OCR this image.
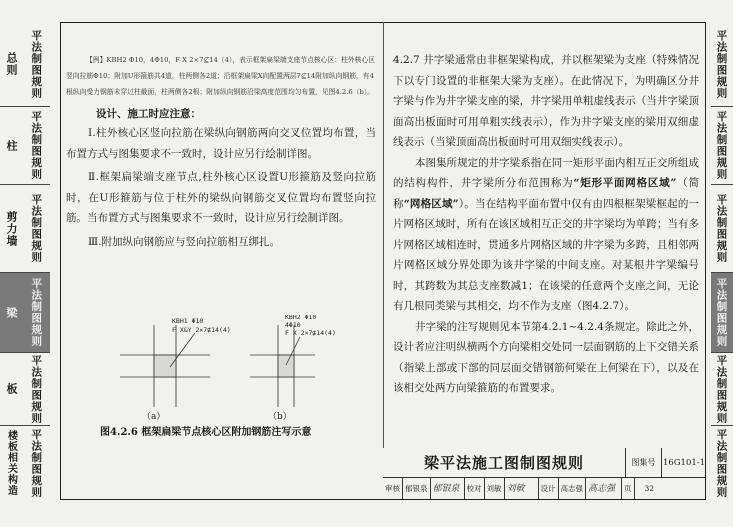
总则	平法制图规则
柱	平法制图规则
剪力墙	平法制图规则
梁	平法制图规则
板	平法制图规则
楼板相关构造	平法制图规则
平法制图规则
平法制图规则
平法制图规则
平法制图规则
平法制图规则
平法制图规则

【例】KBH2 Φ10，4Φ10，F X 2×7⊈14（4），表示框架扁梁端支座节点核心区：柱外核心区竖向拉筋Φ10；附加U形箍筋共4道，柱两侧各2道；沿框架扁梁X向配置两层7⊈14附加纵向钢筋，有4根纵向受力钢筋未穿过柱截面，柱两侧各2根；附加纵向钢筋沿梁高度范围均匀布置，见图4.2.6（b）。

设计、施工时应注意：

Ⅰ.柱外核心区竖向拉筋在梁纵向钢筋两向交叉位置均布置，当布置方式与图集要求不一致时，设计应另行绘制详图。

Ⅱ.框架扁梁端支座节点,柱外核心区设置U形箍筋及竖向拉筋时，在U形箍筋与位于柱外的梁纵向钢筋交叉位置均布置竖向拉筋。当布置方式与图集要求不一致时，设计应另行绘制详图。

Ⅲ.附加纵向钢筋应与竖向拉筋相互绑扎。

KBH1 Φ10
F X&Y 2×7⊈14(4)
KBH2 Φ10
4Φ10
F X 2×7⊈14(4)
（a）	（b）
图4.2.6 框架扁梁节点核心区附加钢筋注写示意

4.2.7 井字梁通常由非框架梁构成，并以框架梁为支座（特殊情况下以专门设置的非框架大梁为支座）。在此情况下，为明确区分井字梁与作为井字梁支座的梁，井字梁用单粗虚线表示（当井字梁顶面高出板面时可用单粗实线表示），作为井字梁支座的梁用双细虚线表示（当梁顶面高出板面时可用双细实线表示）。

本图集所规定的井字梁系指在同一矩形平面内相互正交所组成的结构构件，井字梁所分布范围称为“矩形平面网格区域”（简称“网格区域”）。当在结构平面布置中仅有由四根框架梁框起的一片网格区域时，所有在该区域相互正交的井字梁均为单跨；当有多片网格区域相连时，贯通多片网格区域的井字梁为多跨，且相邻两片网格区域分界处即为该井字梁的中间支座。对某根井字梁编号时，其跨数为其总支座数减1；在该梁的任意两个支座之间，无论有几根同类梁与其相交，均不作为支座（图4.2.7）。

井字梁的注写规则见本节第4.2.1~4.2.4条规定。除此之外，设计者应注明纵横两个方向梁相交处同一层面钢筋的上下交错关系（指梁上部或下部的同层面交错钢筋何梁在上何梁在下），以及在该相交处两方向梁箍筋的布置要求。

梁平法施工图制图规则	图集号 16G101-1
审核 郁银泉 郁银泉 校对 刘敏 刘敏	设计 高志强 高志强	页	32
